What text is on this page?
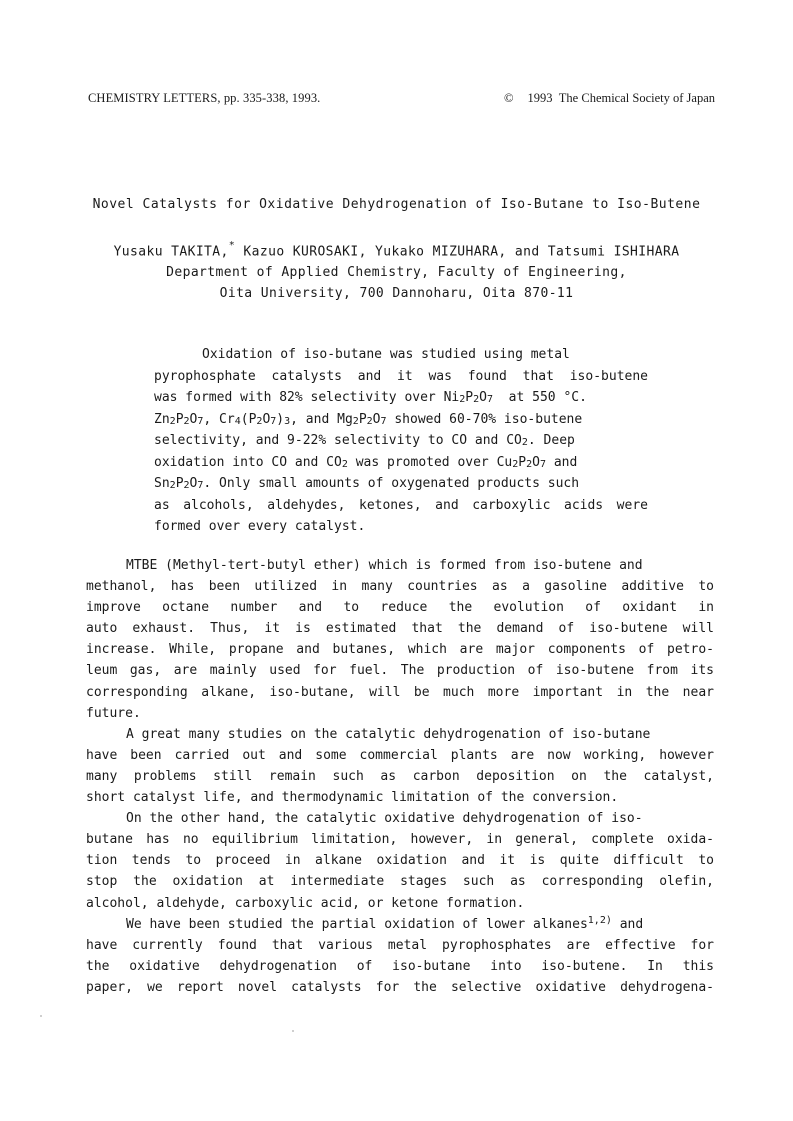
CHEMISTRY LETTERS, pp. 335-338, 1993.	© 1993 The Chemical Society of Japan
Novel Catalysts for Oxidative Dehydrogenation of Iso-Butane to Iso-Butene
Yusaku TAKITA,* Kazuo KUROSAKI, Yukako MIZUHARA, and Tatsumi ISHIHARA
Department of Applied Chemistry, Faculty of Engineering,
Oita University, 700 Dannoharu, Oita 870-11
Oxidation of iso-butane was studied using metal
pyrophosphate catalysts and it was found that iso-butene
was formed with 82% selectivity over $Ni_2P_2O_7$ at 550 °C.
$Zn_2P_2O_7$, $Cr_4(P_2O_7)_3$, and $Mg_2P_2O_7$ showed 60-70% iso-butene
selectivity, and 9-22% selectivity to CO and $CO_2$. Deep
oxidation into CO and $CO_2$ was promoted over $Cu_2P_2O_7$ and
$Sn_2P_2O_7$. Only small amounts of oxygenated products such
as alcohols, aldehydes, ketones, and carboxylic acids were
formed over every catalyst.
MTBE (Methyl-tert-butyl ether) which is formed from iso-butene and
methanol, has been utilized in many countries as a gasoline additive to
improve octane number and to reduce the evolution of oxidant in
auto exhaust. Thus, it is estimated that the demand of iso-butene will
increase. While, propane and butanes, which are major components of petro-
leum gas, are mainly used for fuel. The production of iso-butene from its
corresponding alkane, iso-butane, will be much more important in the near
future.
A great many studies on the catalytic dehydrogenation of iso-butane
have been carried out and some commercial plants are now working, however
many problems still remain such as carbon deposition on the catalyst,
short catalyst life, and thermodynamic limitation of the conversion.
On the other hand, the catalytic oxidative dehydrogenation of iso-
butane has no equilibrium limitation, however, in general, complete oxida-
tion tends to proceed in alkane oxidation and it is quite difficult to
stop the oxidation at intermediate stages such as corresponding olefin,
alcohol, aldehyde, carboxylic acid, or ketone formation.
We have been studied the partial oxidation of lower alkanes$^{1,2)}$ and
have currently found that various metal pyrophosphates are effective for
the oxidative dehydrogenation of iso-butane into iso-butene. In this
paper, we report novel catalysts for the selective oxidative dehydrogena-
